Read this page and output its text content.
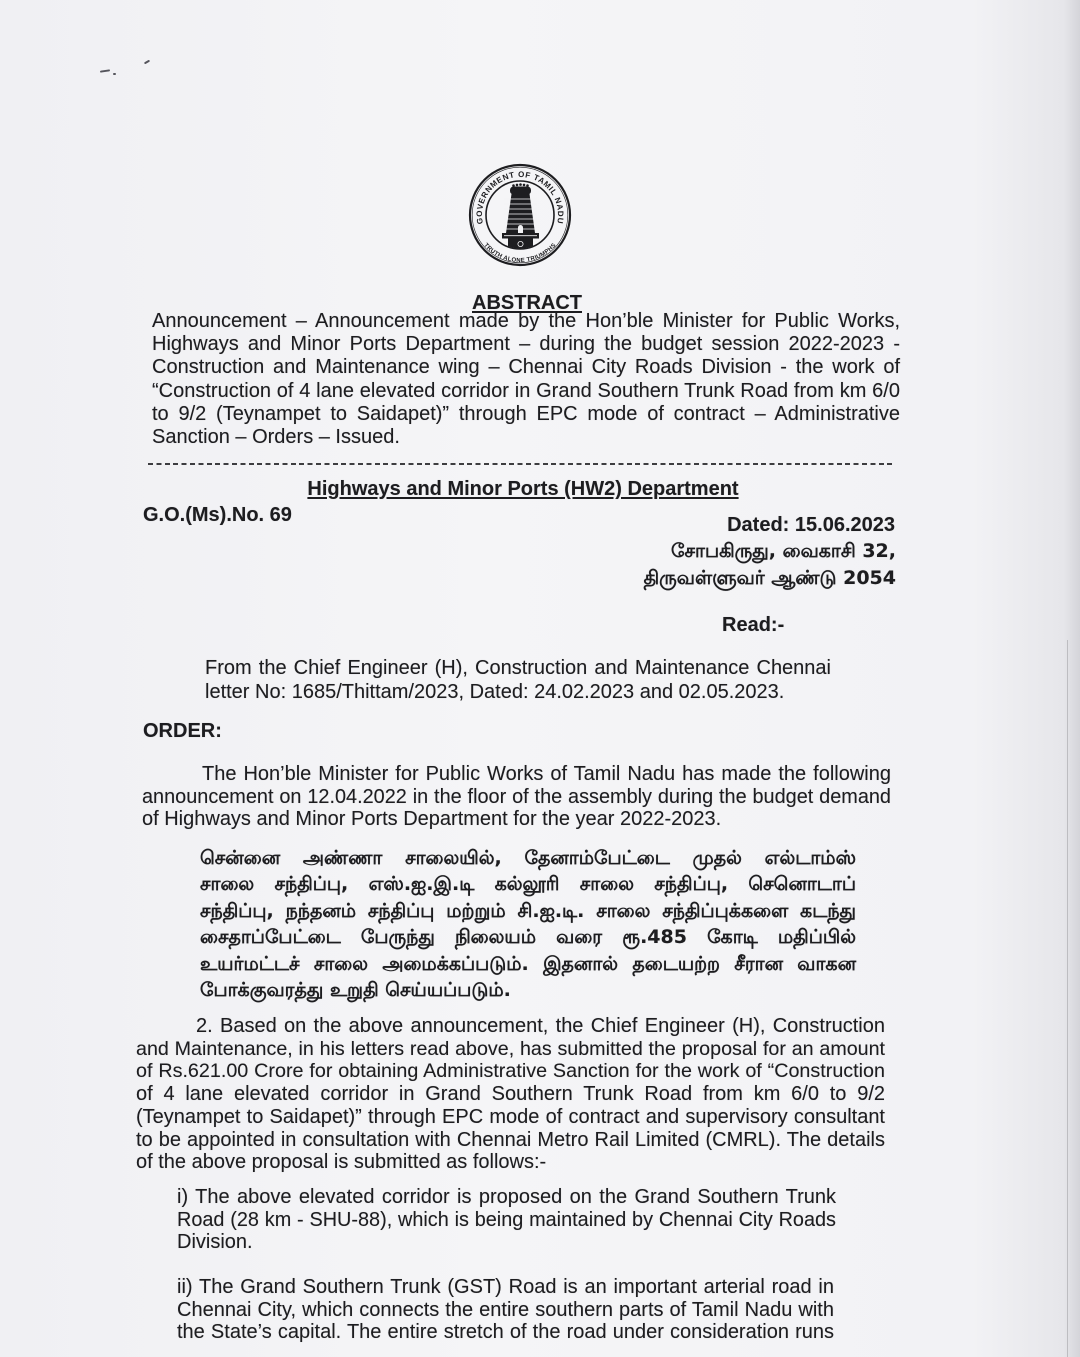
GOVERNMENT OF TAMIL NADU
TRUTH ALONE TRIUMPHS
ABSTRACT
Announcement – Announcement made by the Hon’ble Minister for Public Works,
Highways and Minor Ports Department – during the budget session 2022-2023 -
Construction and Maintenance wing – Chennai City Roads Division - the work of
“Construction of 4 lane elevated corridor in Grand Southern Trunk Road from km 6/0
to 9/2 (Teynampet to Saidapet)” through EPC mode of contract – Administrative
Sanction – Orders – Issued.
Highways and Minor Ports (HW2) Department
G.O.(Ms).No. 69	Dated: 15.06.2023
சோபகிருது, வைகாசி 32,
திருவள்ளுவர் ஆண்டு 2054
Read:-
From the Chief Engineer (H), Construction and Maintenance Chennai
letter No: 1685/Thittam/2023, Dated: 24.02.2023 and 02.05.2023.
ORDER:
The Hon’ble Minister for Public Works of Tamil Nadu has made the following
announcement on 12.04.2022 in the floor of the assembly during the budget demand
of Highways and Minor Ports Department for the year 2022-2023.
சென்னை அண்ணா சாலையில், தேனாம்பேட்டை முதல் எல்டாம்ஸ்
சாலை சந்திப்பு, எஸ்.ஐ.இ.டி கல்லூரி சாலை சந்திப்பு, செனொடாப்
சந்திப்பு, நந்தனம் சந்திப்பு மற்றும் சி.ஐ.டி. சாலை சந்திப்புக்களை கடந்து
சைதாப்பேட்டை பேருந்து நிலையம் வரை ரூ.485 கோடி மதிப்பில்
உயர்மட்டச் சாலை அமைக்கப்படும். இதனால் தடையற்ற சீரான வாகன
போக்குவரத்து உறுதி செய்யப்படும்.
2. Based on the above announcement, the Chief Engineer (H), Construction
and Maintenance, in his letters read above, has submitted the proposal for an amount
of Rs.621.00 Crore for obtaining Administrative Sanction for the work of “Construction
of 4 lane elevated corridor in Grand Southern Trunk Road from km 6/0 to 9/2
(Teynampet to Saidapet)” through EPC mode of contract and supervisory consultant
to be appointed in consultation with Chennai Metro Rail Limited (CMRL). The details
of the above proposal is submitted as follows:-
i) The above elevated corridor is proposed on the Grand Southern Trunk
Road (28 km - SHU-88), which is being maintained by Chennai City Roads
Division.
ii) The Grand Southern Trunk (GST) Road is an important arterial road in
Chennai City, which connects the entire southern parts of Tamil Nadu with
the State’s capital. The entire stretch of the road under consideration runs
